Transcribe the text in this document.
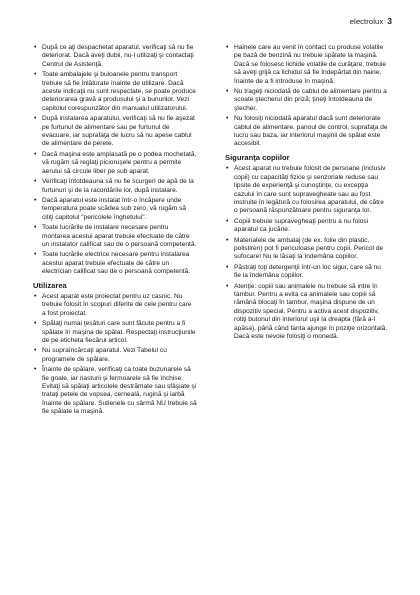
electrolux 3
• După ce aţi despachetat aparatul, verificaţi să nu fie deteriorat. Dacă aveţi dubii, nu-l utilizaţi şi contactaţi Centrul de Asistenţă.
• Toate ambalajele şi buloanele pentru transport trebuie să fie înlăturate înainte de utilizare. Dacă aceste indicaţii nu sunt respectate, se poate produce deteriorarea gravă a produsului şi a bunurilor. Vezi capitolul corespunzător din manualul utilizatorului.
• După instalarea aparatului, verificaţi să nu fie aşezat pe furtunul de alimentare sau pe furtunul de evacuare, iar suprafaţa de lucru să nu apese cablul de alimentare de perete.
• Dacă maşina este amplasată pe o podea mochetată, vă rugăm să reglaţi picioruşele pentru a permite aerului să circule liber pe sub aparat.
• Verificaţi întotdeauna să nu fie scurgeri de apă de la furtunuri şi de la racordările lor, după instalare.
• Dacă aparatul este instalat într-o încăpere unde temperatura poate scădea sub zero, vă rugăm să citiţi capitolul "pericolele înghetului".
• Toate lucrările de instalare necesare pentru montarea acestui aparat trebuie efectuate de către un instalator calificat sau de o persoană competentă.
• Toate lucrările electrice necesare pentru instalarea acestui aparat trebuie efectuate de către un electrician calificat sau de o persoană competentă.
Utilizarea
• Acest aparat este proiectat pentru uz casnic. Nu trebuie folosit în scopuri diferite de cele pentru care a fost proiectat.
• Spălaţi numai ţesături care sunt făcute pentru a fi spălate în maşina de spălat. Respectaţi instrucţiunile de pe eticheta fiecărui articol.
• Nu supraîncărcaţi aparatul. Vezi Tabelul cu programele de spălare.
• Înainte de spălare, verificaţi ca toate buzunarele să fie goale, iar nasturii şi fermoarele să fie închise. Evitaţi să spălaţi articolele destrămate sau sfâşiate şi trataţi petele de vopsea, cerneală, rugină şi iarbă înainte de spălare. Sutienele cu sârmă NU trebuie să fie spălate la maşină.
• Hainele care au venit în contact cu produse volatile pe bază de benzină nu trebuie spălate la maşină. Dacă se folosesc lichide volatile de curăţare, trebuie să aveţi grijă ca lichidul să fie îndepărtat din haine, înainte de a fi introduse în maşină.
• Nu trageţi niciodată de cablul de alimentare pentru a scoate ştecherul din priză; ţineţi întotdeauna de ştecher.
• Nu folosiţi niciodată aparatul dacă sunt deteriorate cablul de alimentare, panoul de control, suprafaţa de lucru sau baza, iar interiorul maşinii de spălat este accesibil.
Siguranţa copiilor
• Acest aparat nu trebuie folosit de persoane (inclusiv copii) cu capacităţi fizice şi senzoriale reduse sau lipsite de experienţă şi cunoştinţe, cu excepţia cazului în care sunt supravegheate sau au fost instruite în legătură cu folosirea aparatului, de către o persoană răspunzătoare pentru siguranţa lor.
• Copiii trebuie supravegheaţi pentru a nu folosi aparatul ca jucărie.
• Materialele de ambalaj (de ex. folie din plastic, polistiren) pot fi periculoase pentru copii. Pericol de sufocare! Nu le lăsaţi la îndemâna copiilor.
• Păstraţi toţi detergenţii într-un loc sigur, care să nu fie la îndemâna copiilor.
• Atenţie: copiii sau animalele nu trebuie să intre în tambur. Pentru a evita ca animalele sau copiii să rămână blocaţi în tambur, maşina dispune de un dispozitiv special. Pentru a activa acest dispozitiv, rotiţi butonul din interiorul uşii la dreapta (fără a-l apăsa), până când fanta ajunge în poziţie orizontală. Dacă este nevoie folosiţi o monedă.
